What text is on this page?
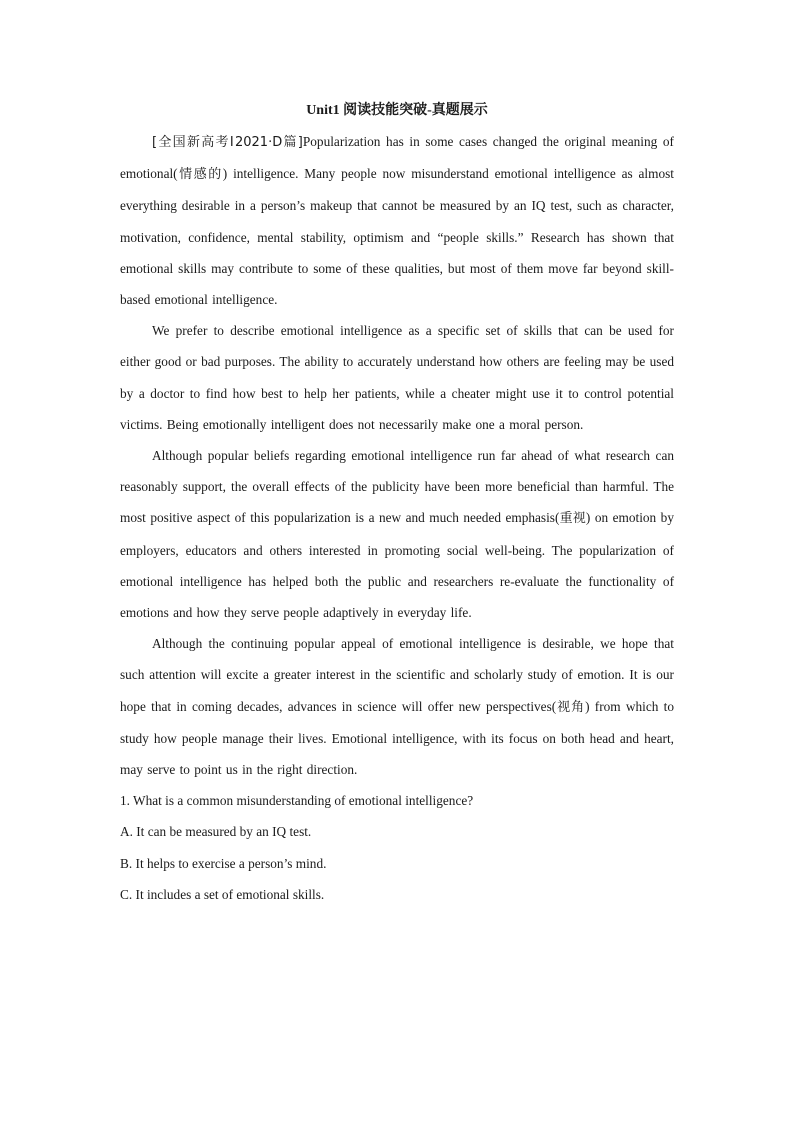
Unit1 阅读技能突破-真题展示

[全国新高考Ⅰ2021·D篇]Popularization has in some cases changed the original meaning of emotional(情感的) intelligence. Many people now misunderstand emotional intelligence as almost everything desirable in a person’s makeup that cannot be measured by an IQ test, such as character, motivation, confidence, mental stability, optimism and “people skills.” Research has shown that emotional skills may contribute to some of these qualities, but most of them move far beyond skill-based emotional intelligence.

We prefer to describe emotional intelligence as a specific set of skills that can be used for either good or bad purposes. The ability to accurately understand how others are feeling may be used by a doctor to find how best to help her patients, while a cheater might use it to control potential victims. Being emotionally intelligent does not necessarily make one a moral person.

Although popular beliefs regarding emotional intelligence run far ahead of what research can reasonably support, the overall effects of the publicity have been more beneficial than harmful. The most positive aspect of this popularization is a new and much needed emphasis(重视) on emotion by employers, educators and others interested in promoting social well-being. The popularization of emotional intelligence has helped both the public and researchers re-evaluate the functionality of emotions and how they serve people adaptively in everyday life.

Although the continuing popular appeal of emotional intelligence is desirable, we hope that such attention will excite a greater interest in the scientific and scholarly study of emotion. It is our hope that in coming decades, advances in science will offer new perspectives(视角) from which to study how people manage their lives. Emotional intelligence, with its focus on both head and heart, may serve to point us in the right direction.

1. What is a common misunderstanding of emotional intelligence?

A. It can be measured by an IQ test.

B. It helps to exercise a person’s mind.

C. It includes a set of emotional skills.
